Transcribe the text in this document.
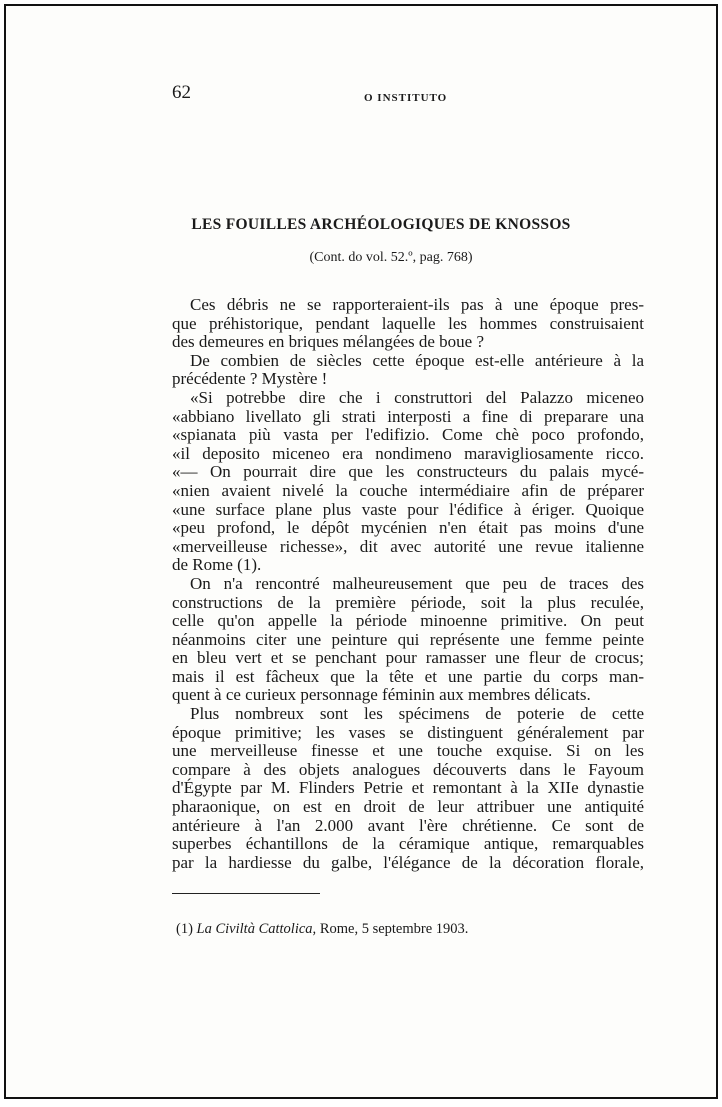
62	O INSTITUTO
LES FOUILLES ARCHÉOLOGIQUES DE KNOSSOS
(Cont. do vol. 52.º, pag. 768)
Ces débris ne se rapporteraient-ils pas à une époque pres-
que préhistorique, pendant laquelle les hommes construisaient
des demeures en briques mélangées de boue ?
De combien de siècles cette époque est-elle antérieure à la
précédente ? Mystère !
«Si potrebbe dire che i construttori del Palazzo miceneo
«abbiano livellato gli strati interposti a fine di preparare una
«spianata più vasta per l'edifizio. Come chè poco profondo,
«il deposito miceneo era nondimeno maravigliosamente ricco.
«— On pourrait dire que les constructeurs du palais mycé-
«nien avaient nivelé la couche intermédiaire afin de préparer
«une surface plane plus vaste pour l'édifice à ériger. Quoique
«peu profond, le dépôt mycénien n'en était pas moins d'une
«merveilleuse richesse», dit avec autorité une revue italienne
de Rome (1).
On n'a rencontré malheureusement que peu de traces des
constructions de la première période, soit la plus reculée,
celle qu'on appelle la période minoenne primitive. On peut
néanmoins citer une peinture qui représente une femme peinte
en bleu vert et se penchant pour ramasser une fleur de crocus;
mais il est fâcheux que la tête et une partie du corps man-
quent à ce curieux personnage féminin aux membres délicats.
Plus nombreux sont les spécimens de poterie de cette
époque primitive; les vases se distinguent généralement par
une merveilleuse finesse et une touche exquise. Si on les
compare à des objets analogues découverts dans le Fayoum
d'Égypte par M. Flinders Petrie et remontant à la XIIe dynastie
pharaonique, on est en droit de leur attribuer une antiquité
antérieure à l'an 2.000 avant l'ère chrétienne. Ce sont de
superbes échantillons de la céramique antique, remarquables
par la hardiesse du galbe, l'élégance de la décoration florale,
(1) La Civiltà Cattolica, Rome, 5 septembre 1903.
